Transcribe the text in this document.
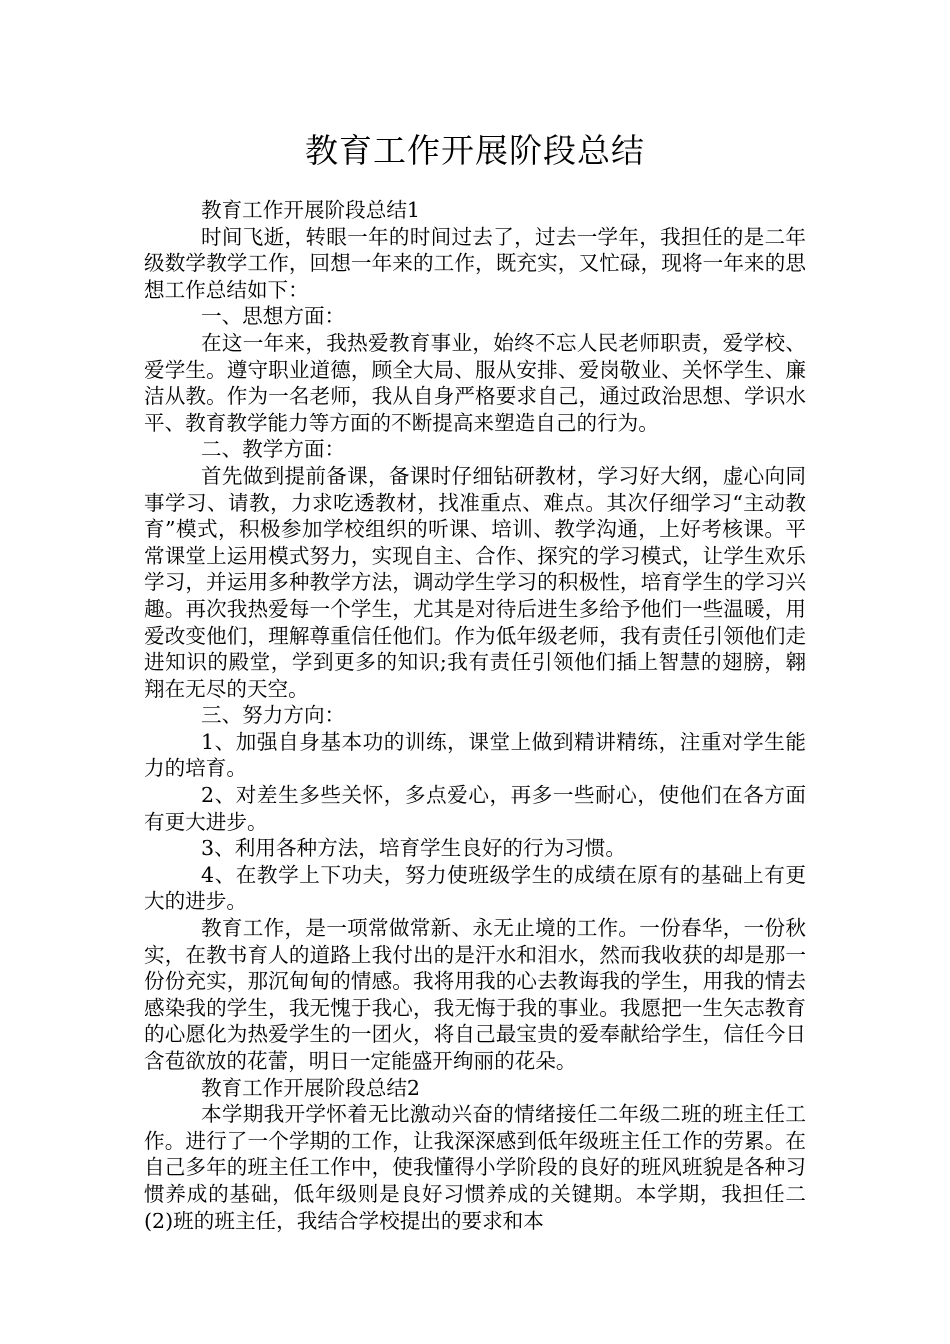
教育工作开展阶段总结

教育工作开展阶段总结1

时间飞逝，转眼一年的时间过去了，过去一学年，我担任的是二年级数学教学工作，回想一年来的工作，既充实，又忙碌，现将一年来的思想工作总结如下：

一、思想方面：

在这一年来，我热爱教育事业，始终不忘人民老师职责，爱学校、爱学生。遵守职业道德，顾全大局、服从安排、爱岗敬业、关怀学生、廉洁从教。作为一名老师，我从自身严格要求自己，通过政治思想、学识水平、教育教学能力等方面的不断提高来塑造自己的行为。

二、教学方面：

首先做到提前备课，备课时仔细钻研教材，学习好大纲，虚心向同事学习、请教，力求吃透教材，找准重点、难点。其次仔细学习“主动教育”模式，积极参加学校组织的听课、培训、教学沟通，上好考核课。平常课堂上运用模式努力，实现自主、合作、探究的学习模式，让学生欢乐学习，并运用多种教学方法，调动学生学习的积极性，培育学生的学习兴趣。再次我热爱每一个学生，尤其是对待后进生多给予他们一些温暖，用爱改变他们，理解尊重信任他们。作为低年级老师，我有责任引领他们走进知识的殿堂，学到更多的知识;我有责任引领他们插上智慧的翅膀，翱翔在无尽的天空。

三、努力方向：

1、加强自身基本功的训练，课堂上做到精讲精练，注重对学生能力的培育。

2、对差生多些关怀，多点爱心，再多一些耐心，使他们在各方面有更大进步。

3、利用各种方法，培育学生良好的行为习惯。

4、在教学上下功夫，努力使班级学生的成绩在原有的基础上有更大的进步。

教育工作，是一项常做常新、永无止境的工作。一份春华，一份秋实，在教书育人的道路上我付出的是汗水和泪水，然而我收获的却是那一份份充实，那沉甸甸的情感。我将用我的心去教诲我的学生，用我的情去感染我的学生，我无愧于我心，我无悔于我的事业。我愿把一生矢志教育的心愿化为热爱学生的一团火，将自己最宝贵的爱奉献给学生，信任今日含苞欲放的花蕾，明日一定能盛开绚丽的花朵。

教育工作开展阶段总结2

本学期我开学怀着无比激动兴奋的情绪接任二年级二班的班主任工作。进行了一个学期的工作，让我深深感到低年级班主任工作的劳累。在自己多年的班主任工作中，使我懂得小学阶段的良好的班风班貌是各种习惯养成的基础，低年级则是良好习惯养成的关键期。本学期，我担任二(2)班的班主任，我结合学校提出的要求和本
